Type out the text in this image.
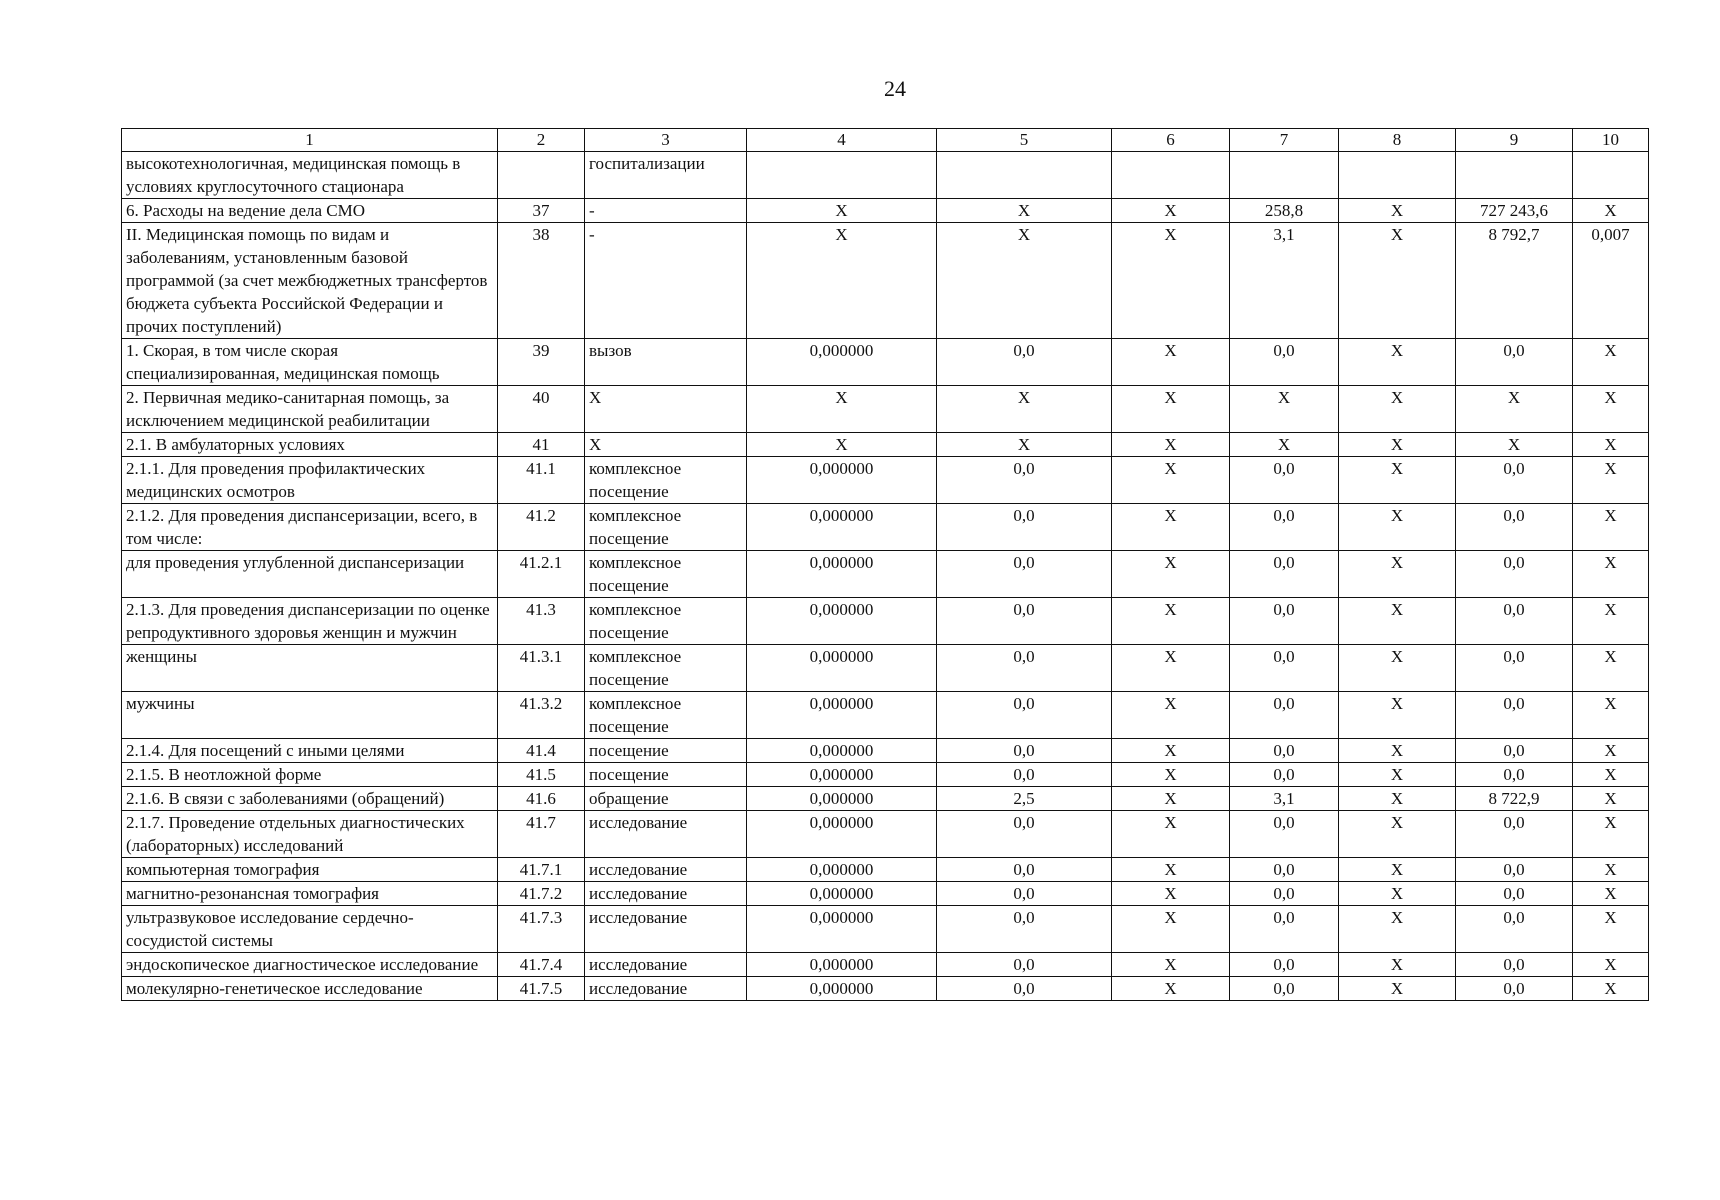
24
1	2	3	4	5	6	7	8	9	10
высокотехнологичная, медицинская помощь в условиях круглосуточного стационара		госпитализации							
6. Расходы на ведение дела СМО	37	-	X	X	X	258,8	X	727 243,6	X
II. Медицинская помощь по видам и заболеваниям, установленным базовой программой (за счет межбюджетных трансфертов бюджета субъекта Российской Федерации и прочих поступлений)	38	-	X	X	X	3,1	X	8 792,7	0,007
1. Скорая, в том числе скорая специализированная, медицинская помощь	39	вызов	0,000000	0,0	X	0,0	X	0,0	X
2. Первичная медико-санитарная помощь, за исключением медицинской реабилитации	40	X	X	X	X	X	X	X	X
2.1. В амбулаторных условиях	41	X	X	X	X	X	X	X	X
2.1.1. Для проведения профилактических медицинских осмотров	41.1	комплексное посещение	0,000000	0,0	X	0,0	X	0,0	X
2.1.2. Для проведения диспансеризации, всего, в том числе:	41.2	комплексное посещение	0,000000	0,0	X	0,0	X	0,0	X
для проведения углубленной диспансеризации	41.2.1	комплексное посещение	0,000000	0,0	X	0,0	X	0,0	X
2.1.3. Для проведения диспансеризации по оценке репродуктивного здоровья женщин и мужчин	41.3	комплексное посещение	0,000000	0,0	X	0,0	X	0,0	X
женщины	41.3.1	комплексное посещение	0,000000	0,0	X	0,0	X	0,0	X
мужчины	41.3.2	комплексное посещение	0,000000	0,0	X	0,0	X	0,0	X
2.1.4. Для посещений с иными целями	41.4	посещение	0,000000	0,0	X	0,0	X	0,0	X
2.1.5. В неотложной форме	41.5	посещение	0,000000	0,0	X	0,0	X	0,0	X
2.1.6. В связи с заболеваниями (обращений)	41.6	обращение	0,000000	2,5	X	3,1	X	8 722,9	X
2.1.7. Проведение отдельных диагностических (лабораторных) исследований	41.7	исследование	0,000000	0,0	X	0,0	X	0,0	X
компьютерная томография	41.7.1	исследование	0,000000	0,0	X	0,0	X	0,0	X
магнитно-резонансная томография	41.7.2	исследование	0,000000	0,0	X	0,0	X	0,0	X
ультразвуковое исследование сердечно-сосудистой системы	41.7.3	исследование	0,000000	0,0	X	0,0	X	0,0	X
эндоскопическое диагностическое исследование	41.7.4	исследование	0,000000	0,0	X	0,0	X	0,0	X
молекулярно-генетическое исследование	41.7.5	исследование	0,000000	0,0	X	0,0	X	0,0	X
